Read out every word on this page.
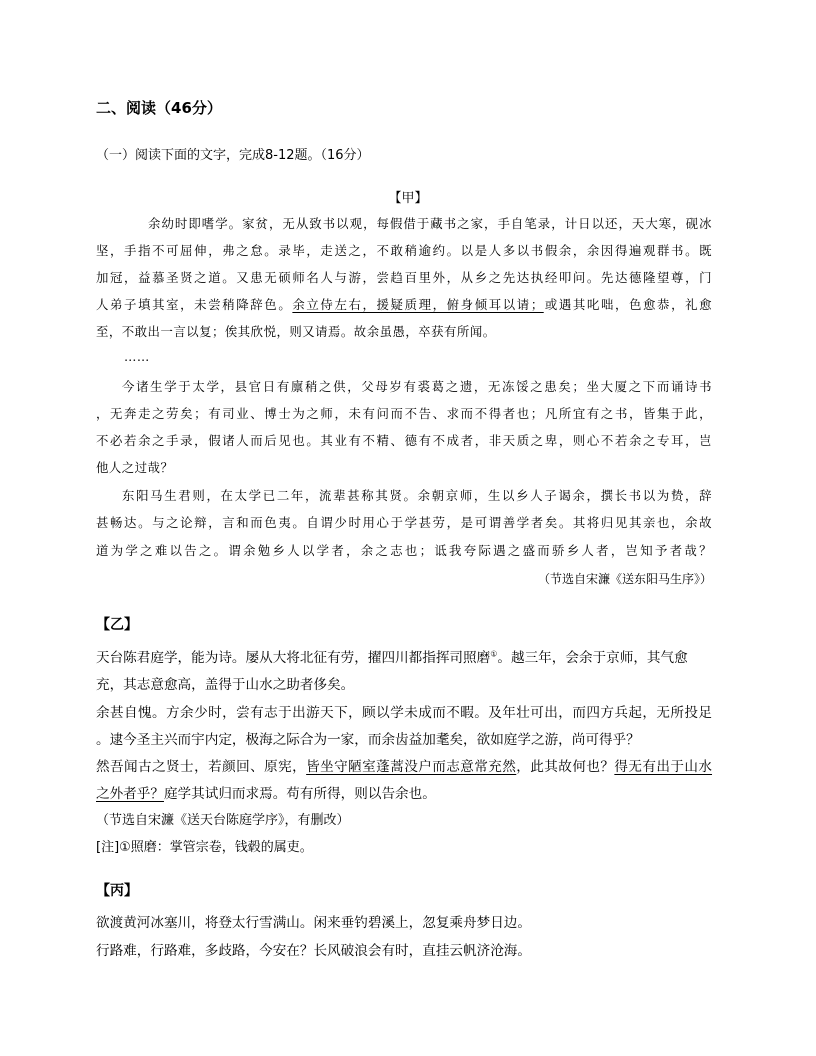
二、阅读（46分）
（一）阅读下面的文字，完成8-12题。（16分）
【甲】
余幼时即嗜学。家贫，无从致书以观，每假借于藏书之家，手自笔录，计日以还，天大寒，砚冰
坚，手指不可屈伸，弗之怠。录毕，走送之，不敢稍逾约。以是人多以书假余，余因得遍观群书。既
加冠，益慕圣贤之道。又患无硕师名人与游，尝趋百里外，从乡之先达执经叩问。先达德隆望尊，门
人弟子填其室，未尝稍降辞色。余立侍左右，援疑质理，俯身倾耳以请；或遇其叱咄，色愈恭，礼愈
至，不敢出一言以复；俟其欣悦，则又请焉。故余虽愚，卒获有所闻。
……
今诸生学于太学，县官日有廪稍之供，父母岁有裘葛之遗，无冻馁之患矣；坐大厦之下而诵诗书
，无奔走之劳矣；有司业、博士为之师，未有问而不告、求而不得者也；凡所宜有之书，皆集于此，
不必若余之手录，假诸人而后见也。其业有不精、德有不成者，非天质之卑，则心不若余之专耳，岂
他人之过哉？
东阳马生君则，在太学已二年，流辈甚称其贤。余朝京师，生以乡人子谒余，撰长书以为贽，辞
甚畅达。与之论辩，言和而色夷。自谓少时用心于学甚劳，是可谓善学者矣。其将归见其亲也，余故
道为学之难以告之。谓余勉乡人以学者，余之志也；诋我夸际遇之盛而骄乡人者，岂知予者哉？
（节选自宋濂《送东阳马生序》）
【乙】
天台陈君庭学，能为诗。屡从大将北征有劳，擢四川都指挥司照磨①。越三年，会余于京师，其气愈
充，其志意愈高，盖得于山水之助者侈矣。
余甚自愧。方余少时，尝有志于出游天下，顾以学未成而不暇。及年壮可出，而四方兵起，无所投足
。逮今圣主兴而宇内定，极海之际合为一家，而余齿益加耄矣，欲如庭学之游，尚可得乎？
然吾闻古之贤士，若颜回、原宪，皆坐守陋室蓬蒿没户而志意常充然，此其故何也？得无有出于山水
之外者乎？庭学其试归而求焉。苟有所得，则以告余也。
（节选自宋濂《送天台陈庭学序》，有删改）
[注]①照磨：掌管宗卷，钱毂的属吏。
【丙】
欲渡黄河冰塞川，将登太行雪满山。闲来垂钓碧溪上，忽复乘舟梦日边。
行路难，行路难，多歧路，今安在？长风破浪会有时，直挂云帆济沧海。
